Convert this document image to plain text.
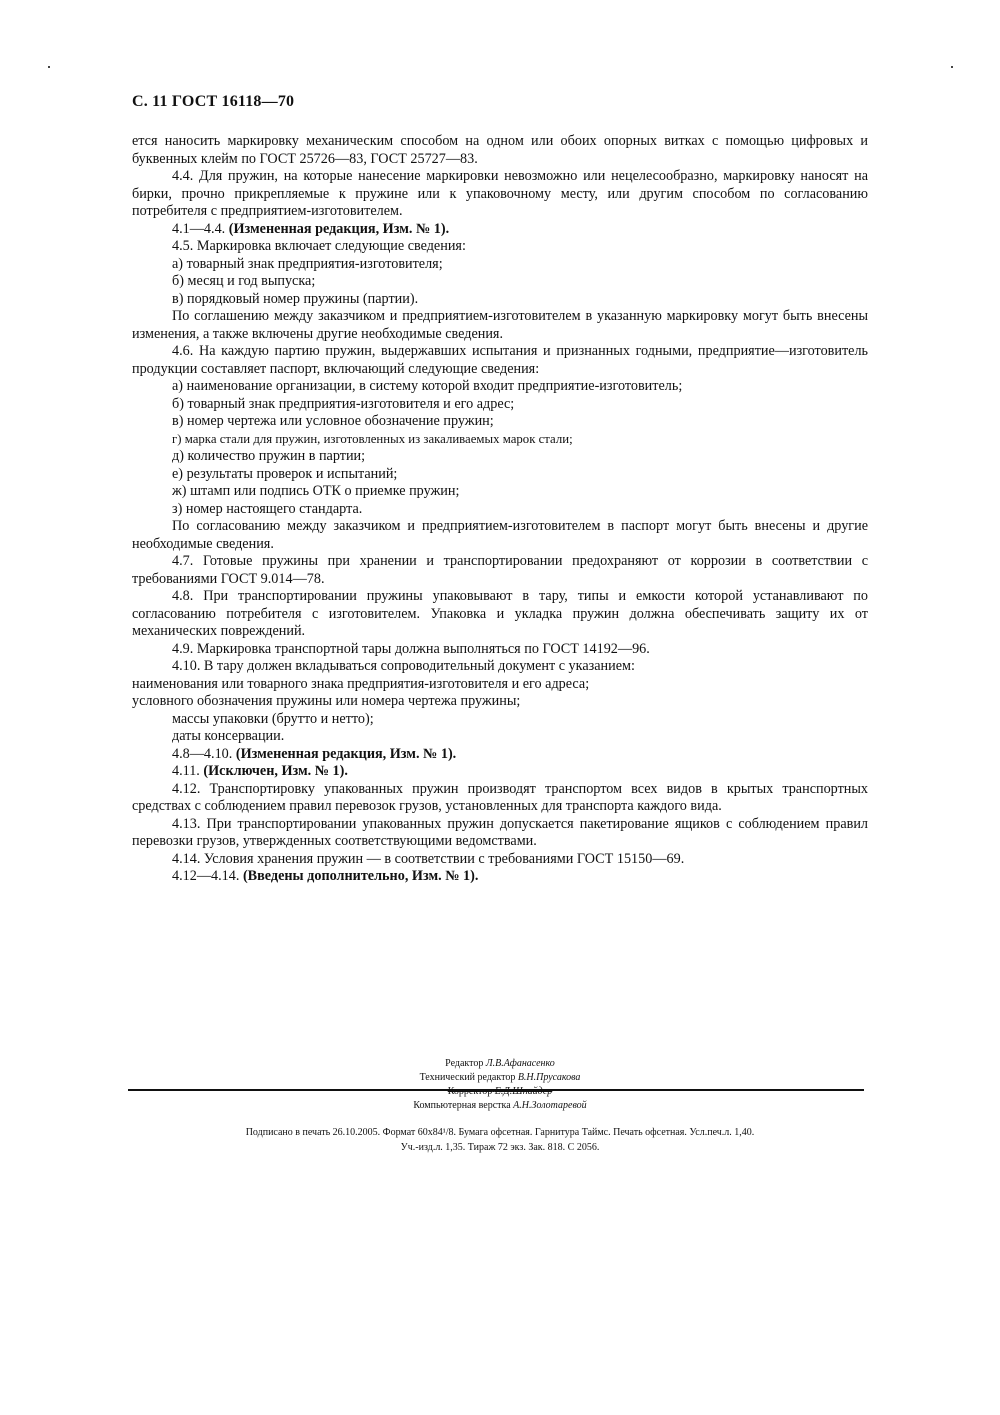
С. 11 ГОСТ 16118—70

ется наносить маркировку механическим способом на одном или обоих опорных витках с помощью цифровых и буквенных клейм по ГОСТ 25726—83, ГОСТ 25727—83.

4.4. Для пружин, на которые нанесение маркировки невозможно или нецелесообразно, маркировку наносят на бирки, прочно прикрепляемые к пружине или к упаковочному месту, или другим способом по согласованию потребителя с предприятием-изготовителем.

4.1—4.4. (Измененная редакция, Изм. № 1).

4.5. Маркировка включает следующие сведения:

а) товарный знак предприятия-изготовителя;

б) месяц и год выпуска;

в) порядковый номер пружины (партии).

По соглашению между заказчиком и предприятием-изготовителем в указанную маркировку могут быть внесены изменения, а также включены другие необходимые сведения.

4.6. На каждую партию пружин, выдержавших испытания и признанных годными, предприятие—изготовитель продукции составляет паспорт, включающий следующие сведения:

а) наименование организации, в систему которой входит предприятие-изготовитель;

б) товарный знак предприятия-изготовителя и его адрес;

в) номер чертежа или условное обозначение пружин;

г) марка стали для пружин, изготовленных из закаливаемых марок стали;

д) количество пружин в партии;

е) результаты проверок и испытаний;

ж) штамп или подпись ОТК о приемке пружин;

з) номер настоящего стандарта.

По согласованию между заказчиком и предприятием-изготовителем в паспорт могут быть внесены и другие необходимые сведения.

4.7. Готовые пружины при хранении и транспортировании предохраняют от коррозии в соответствии с требованиями ГОСТ 9.014—78.

4.8. При транспортировании пружины упаковывают в тару, типы и емкости которой устанавливают по согласованию потребителя с изготовителем. Упаковка и укладка пружин должна обеспечивать защиту их от механических повреждений.

4.9. Маркировка транспортной тары должна выполняться по ГОСТ 14192—96.

4.10. В тару должен вкладываться сопроводительный документ с указанием:

наименования или товарного знака предприятия-изготовителя и его адреса;

условного обозначения пружины или номера чертежа пружины;

массы упаковки (брутто и нетто);

даты консервации.

4.8—4.10. (Измененная редакция, Изм. № 1).

4.11. (Исключен, Изм. № 1).

4.12. Транспортировку упакованных пружин производят транспортом всех видов в крытых транспортных средствах с соблюдением правил перевозок грузов, установленных для транспорта каждого вида.

4.13. При транспортировании упакованных пружин допускается пакетирование ящиков с соблюдением правил перевозки грузов, утвержденных соответствующими ведомствами.

4.14. Условия хранения пружин — в соответствии с требованиями ГОСТ 15150—69.

4.12—4.14. (Введены дополнительно, Изм. № 1).

Редактор Л.В.Афанасенко
Технический редактор В.Н.Прусакова
Корректор Е.Д.Шнайдер
Компьютерная верстка А.Н.Золотаревой
Подписано в печать 26.10.2005. Формат 60х84¹/8. Бумага офсетная. Гарнитура Таймс. Печать офсетная. Усл.печ.л. 1,40.
Уч.-изд.л. 1,35. Тираж 72 экз. Зак. 818. С 2056.
